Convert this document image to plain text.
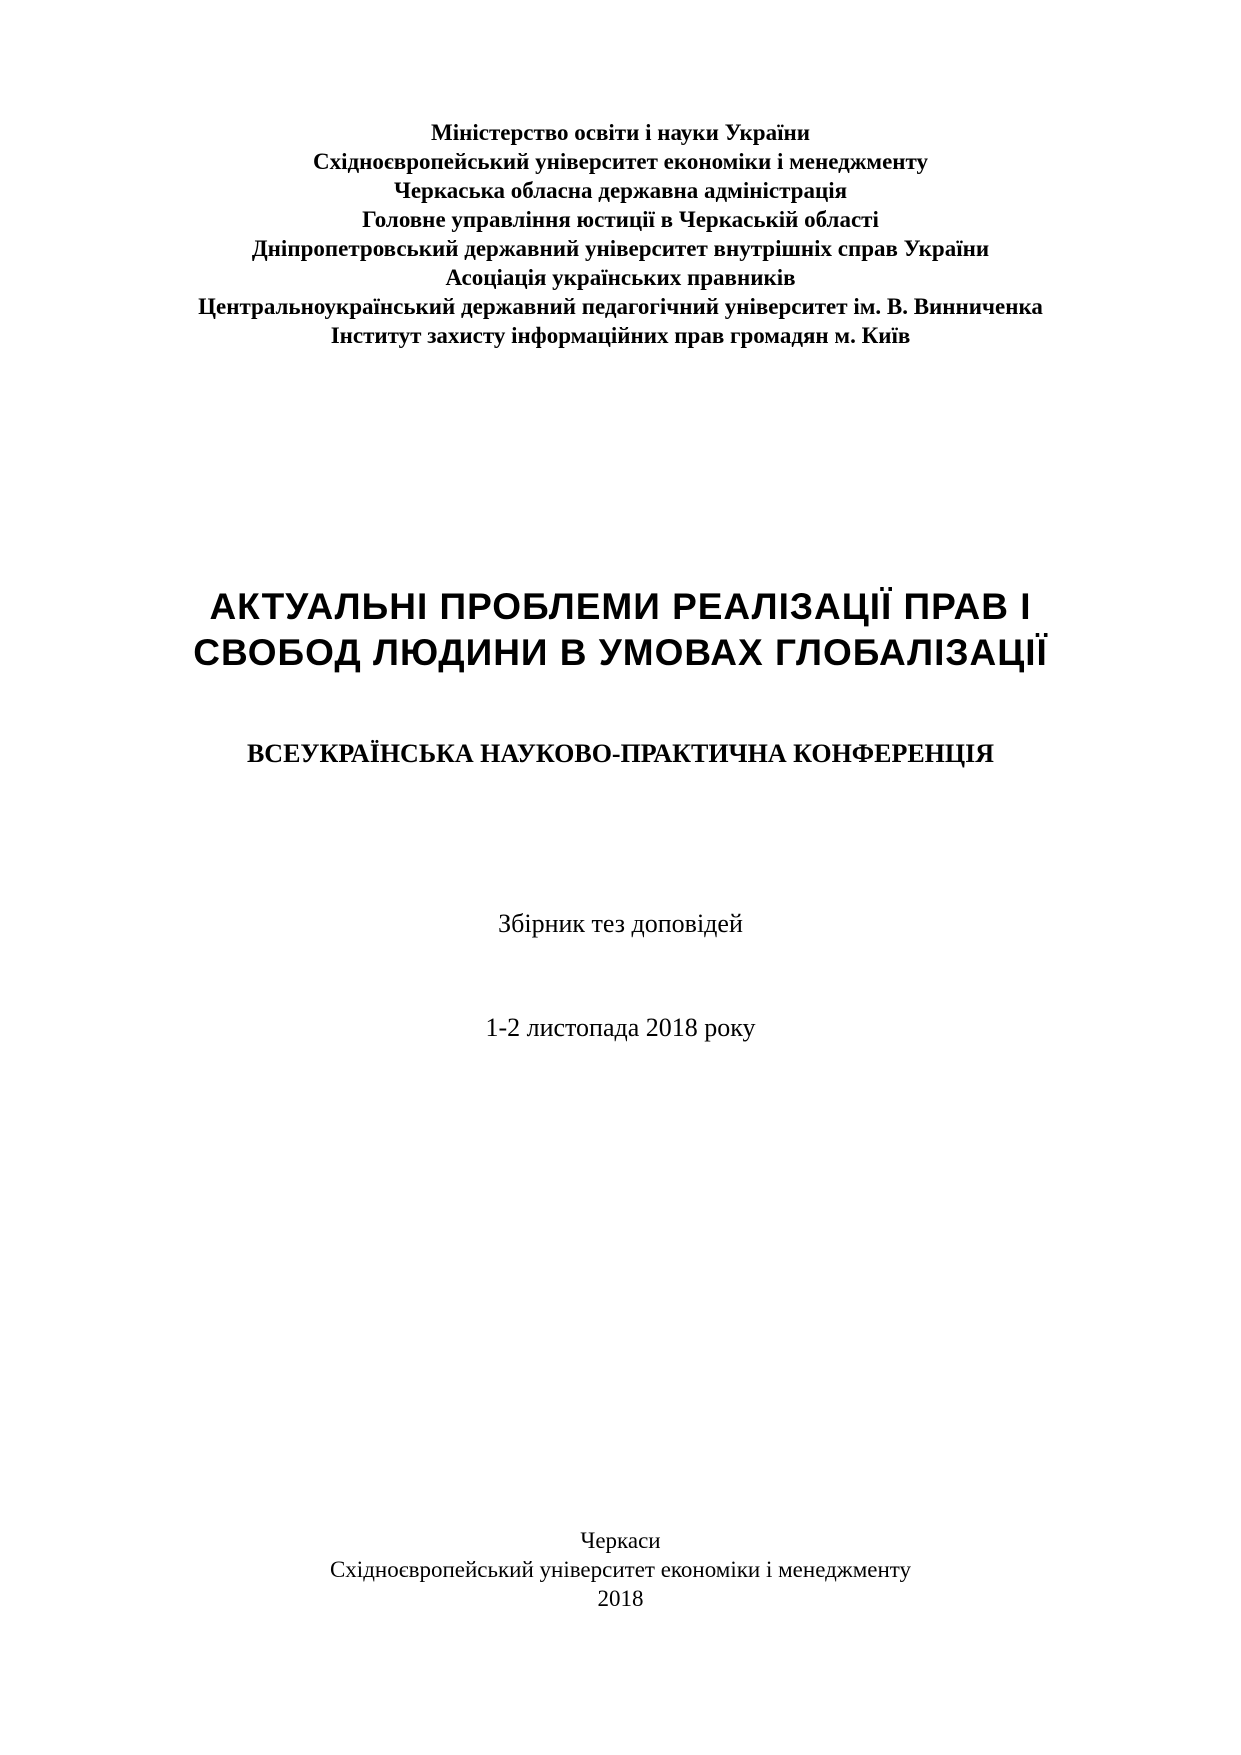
Міністерство освіти і науки України
Східноєвропейський університет економіки і менеджменту
Черкаська обласна державна адміністрація
Головне управління юстиції в Черкаській області
Дніпропетровський державний університет внутрішніх справ України
Асоціація українських правників
Центральноукраїнський державний педагогічний університет ім. В. Винниченка
Інститут захисту інформаційних прав громадян м. Київ
АКТУАЛЬНІ ПРОБЛЕМИ РЕАЛІЗАЦІЇ ПРАВ І
СВОБОД ЛЮДИНИ В УМОВАХ ГЛОБАЛІЗАЦІЇ
ВСЕУКРАЇНСЬКА НАУКОВО-ПРАКТИЧНА КОНФЕРЕНЦІЯ
Збірник тез доповідей
1-2 листопада 2018 року
Черкаси
Східноєвропейський університет економіки і менеджменту
2018
